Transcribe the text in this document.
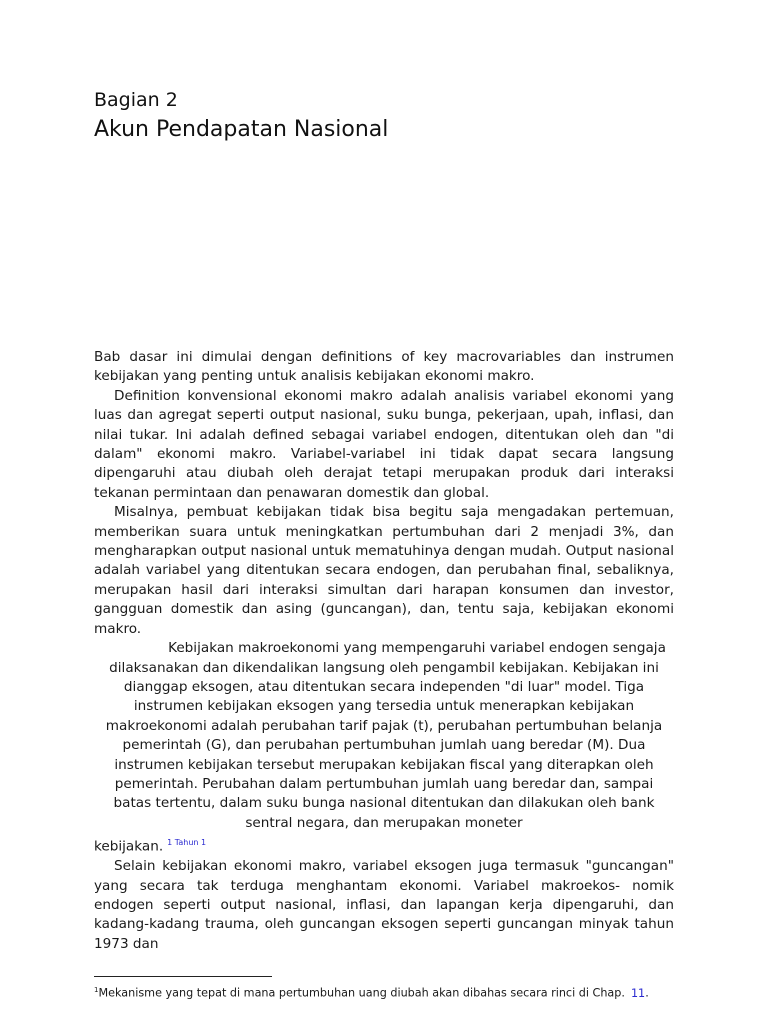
Bagian 2
Akun Pendapatan Nasional

Bab dasar ini dimulai dengan definitions of key macrovariables dan instrumen kebijakan yang penting untuk analisis kebijakan ekonomi makro.

Definition konvensional ekonomi makro adalah analisis variabel ekonomi yang luas dan agregat seperti output nasional, suku bunga, pekerjaan, upah, inflasi, dan nilai tukar. Ini adalah defined sebagai variabel endogen, ditentukan oleh dan "di dalam" ekonomi makro. Variabel-variabel ini tidak dapat secara langsung dipengaruhi atau diubah oleh derajat tetapi merupakan produk dari interaksi tekanan permintaan dan penawaran domestik dan global.

Misalnya, pembuat kebijakan tidak bisa begitu saja mengadakan pertemuan, memberikan suara untuk meningkatkan pertumbuhan dari 2 menjadi 3%, dan mengharapkan output nasional untuk mematuhinya dengan mudah. Output nasional adalah variabel yang ditentukan secara endogen, dan perubahan final, sebaliknya, merupakan hasil dari interaksi simultan dari harapan konsumen dan investor, gangguan domestik dan asing (guncangan), dan, tentu saja, kebijakan ekonomi makro.

Kebijakan makroekonomi yang mempengaruhi variabel endogen sengaja dilaksanakan dan dikendalikan langsung oleh pengambil kebijakan. Kebijakan ini dianggap eksogen, atau ditentukan secara independen "di luar" model. Tiga instrumen kebijakan eksogen yang tersedia untuk menerapkan kebijakan makroekonomi adalah perubahan tarif pajak (t), perubahan pertumbuhan belanja pemerintah (G), dan perubahan pertumbuhan jumlah uang beredar (M). Dua instrumen kebijakan tersebut merupakan kebijakan fiscal yang diterapkan oleh pemerintah. Perubahan dalam pertumbuhan jumlah uang beredar dan, sampai batas tertentu, dalam suku bunga nasional ditentukan dan dilakukan oleh bank sentral negara, dan merupakan moneter

kebijakan. $^{1 Tahun 1}$

Selain kebijakan ekonomi makro, variabel eksogen juga termasuk "guncangan" yang secara tak terduga menghantam ekonomi. Variabel makroekos- nomik endogen seperti output nasional, inflasi, dan lapangan kerja dipengaruhi, dan kadang-kadang trauma, oleh guncangan eksogen seperti guncangan minyak tahun 1973 dan

$^1$Mekanisme yang tepat di mana pertumbuhan uang diubah akan dibahas secara rinci di Chap. 11.
